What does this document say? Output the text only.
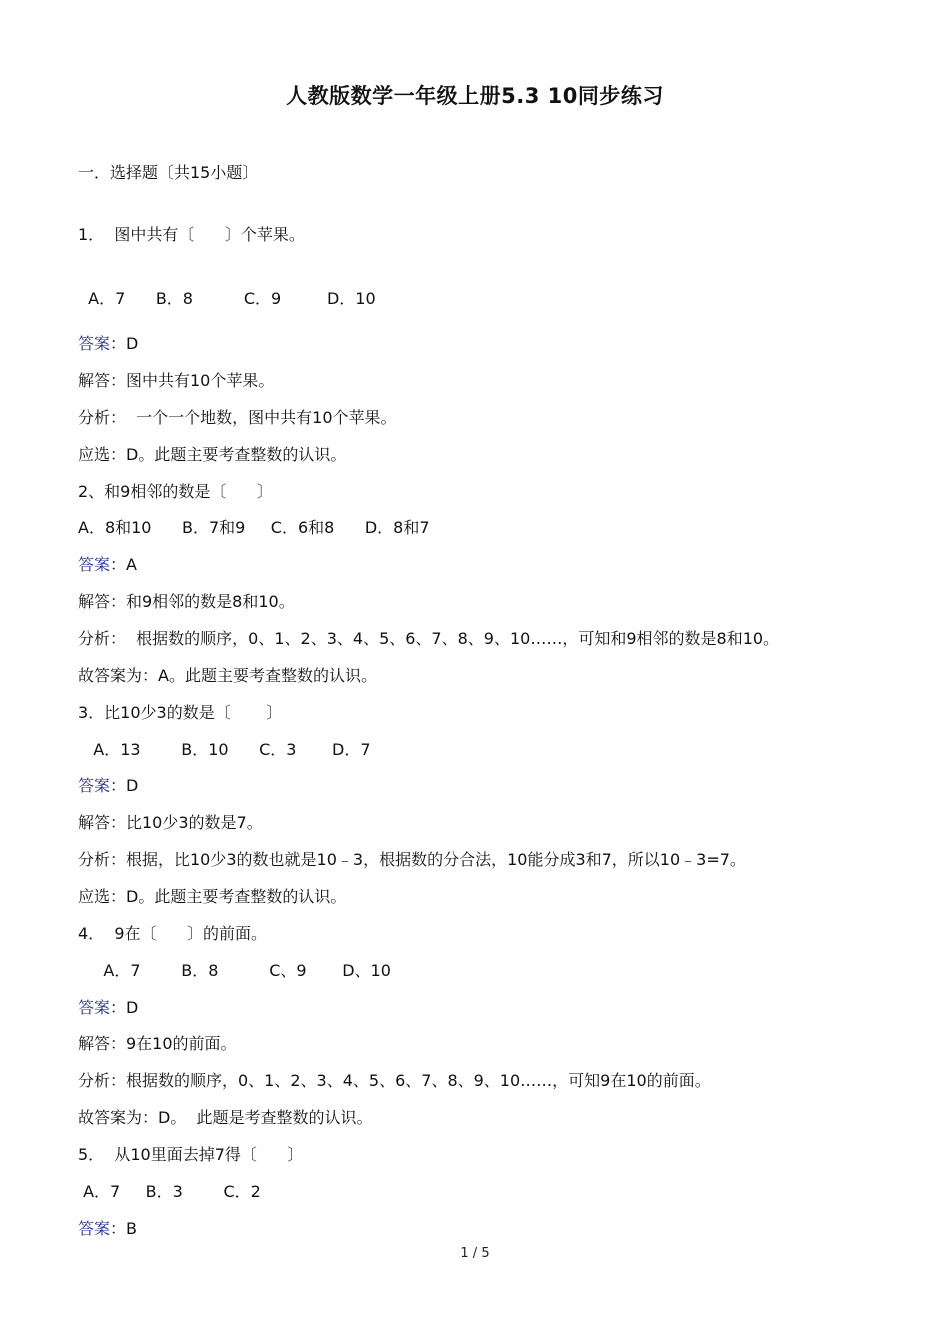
人教版数学一年级上册5.3 10同步练习
一．选择题〔共15小题〕
1．  图中共有〔      〕个苹果。
A．7      B．8          C．9         D．10
答案：D
解答：图中共有10个苹果。
分析：  一个一个地数，图中共有10个苹果。
应选：D。此题主要考查整数的认识。
2、和9相邻的数是〔      〕
A．8和10      B．7和9     C．6和8      D．8和7
答案：A
解答：和9相邻的数是8和10。
分析：  根据数的顺序，0、1、2、3、4、5、6、7、8、9、10……，可知和9相邻的数是8和10。
故答案为：A。此题主要考查整数的认识。
3．比10少3的数是〔       〕
A．13        B．10      C．3       D．7
答案：D
解答：比10少3的数是7。
分析：根据，比10少3的数也就是10﹣3，根据数的分合法，10能分成3和7，所以10﹣3=7。
应选：D。此题主要考查整数的认识。
4．  9在〔      〕的前面。
A．7        B．8          C、9       D、10
答案：D
解答：9在10的前面。
分析：根据数的顺序，0、1、2、3、4、5、6、7、8、9、10……，可知9在10的前面。
故答案为：D。  此题是考查整数的认识。
5．  从10里面去掉7得〔      〕
A．7     B．3        C．2
答案：B
1 / 5
